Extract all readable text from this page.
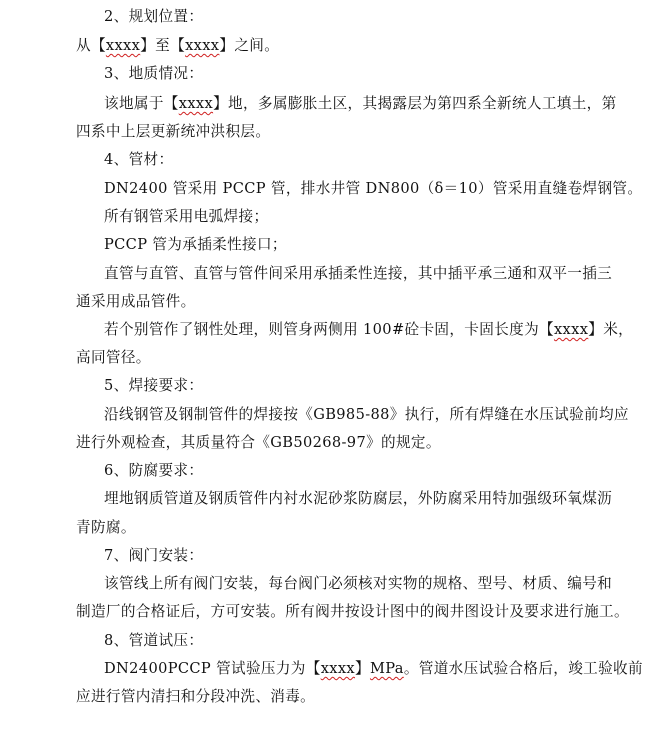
2、规划位置：
从【xxxx】至【xxxx】之间。
3、地质情况：
该地属于【xxxx】地，多属膨胀土区，其揭露层为第四系全新统人工填土，第
四系中上层更新统冲洪积层。
4、管材：
DN2400 管采用 PCCP 管，排水井管 DN800（δ＝10）管采用直缝卷焊钢管。
所有钢管采用电弧焊接；
PCCP 管为承插柔性接口；
直管与直管、直管与管件间采用承插柔性连接，其中插平承三通和双平一插三
通采用成品管件。
若个别管作了钢性处理，则管身两侧用 100#砼卡固，卡固长度为【xxxx】米，
高同管径。
5、焊接要求：
沿线钢管及钢制管件的焊接按《GB985-88》执行，所有焊缝在水压试验前均应
进行外观检查，其质量符合《GB50268-97》的规定。
6、防腐要求：
埋地钢质管道及钢质管件内衬水泥砂浆防腐层，外防腐采用特加强级环氧煤沥
青防腐。
7、阀门安装：
该管线上所有阀门安装，每台阀门必须核对实物的规格、型号、材质、编号和
制造厂的合格证后，方可安装。所有阀井按设计图中的阀井图设计及要求进行施工。
8、管道试压：
DN2400PCCP 管试验压力为【xxxx】MPa。管道水压试验合格后，竣工验收前
应进行管内清扫和分段冲洗、消毒。
